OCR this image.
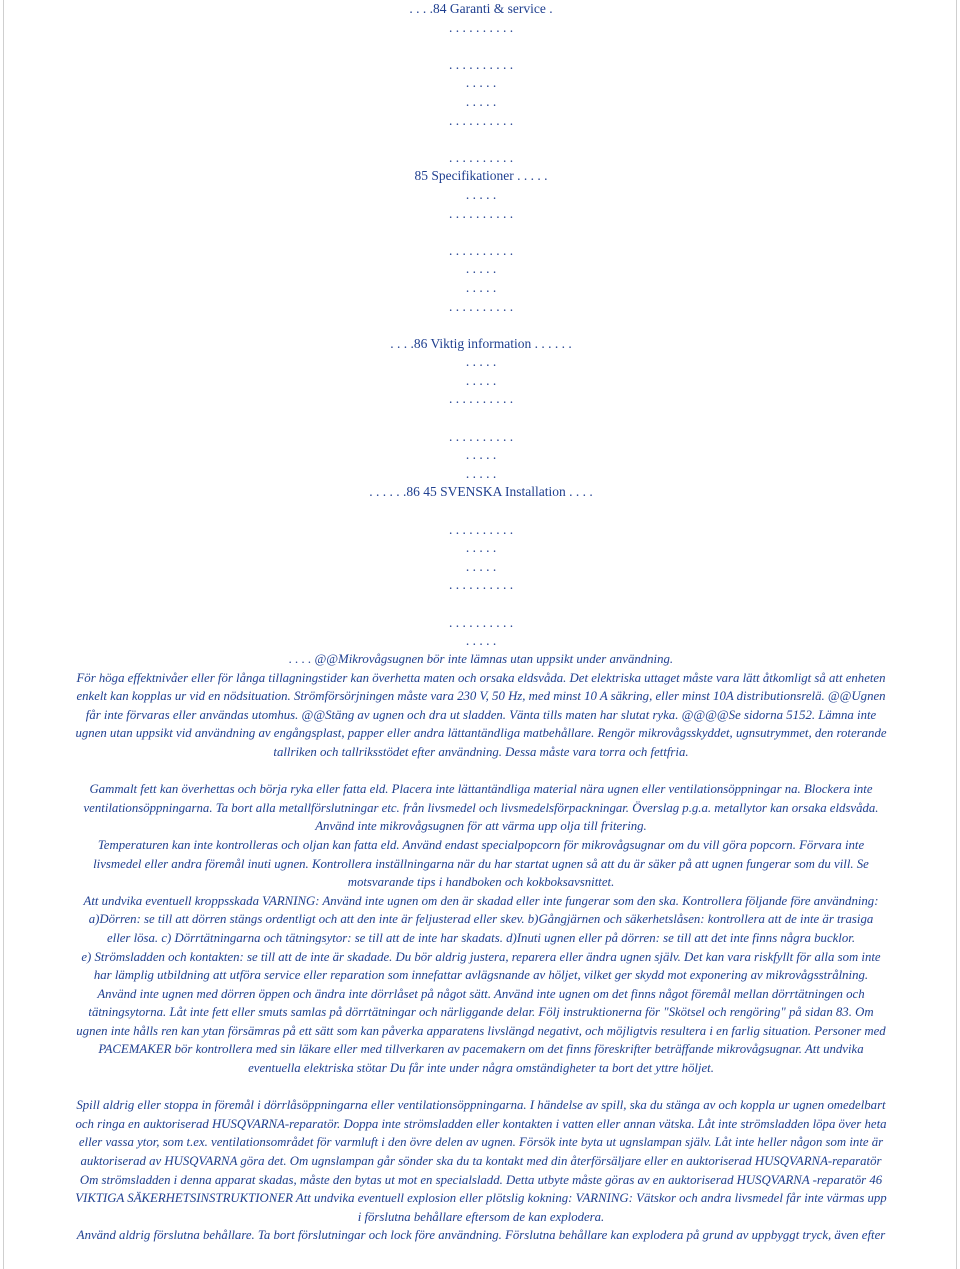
. . . .84 Garanti & service .
. . . . . . . . . .
. . . . . . . . . .
. . . . .
. . . . .
. . . . . . . . . .
. . . . . . . . . .
85 Specifikationer . . . . .
. . . . .
. . . . . . . . . .
. . . . . . . . . .
. . . . .
. . . . .
. . . . . . . . . .
. . . .86 Viktig information . . . . . .
. . . . .
. . . . .
. . . . . . . . . .
. . . . . . . . . .
. . . . .
. . . . .
. . . . . .86 45 SVENSKA Installation . . . .
. . . . . . . . . .
. . . . .
. . . . .
. . . . . . . . . .
. . . . . . . . . .
. . . . .
. . . . @@Mikrovågsugnen bör inte lämnas utan uppsikt under användning.
För höga effektnivåer eller för långa tillagningstider kan överhetta maten och orsaka eldsvåda. Det elektriska uttaget måste vara lätt åtkomligt så att enheten
enkelt kan kopplas ur vid en nödsituation. Strömförsörjningen måste vara 230 V, 50 Hz, med minst 10 A säkring, eller minst 10A distributionsrelä. @@Ugnen
får inte förvaras eller användas utomhus. @@Stäng av ugnen och dra ut sladden. Vänta tills maten har slutat ryka. @@@@Se sidorna 5152. Lämna inte
ugnen utan uppsikt vid användning av engångsplast, papper eller andra lättantändliga matbehållare. Rengör mikrovågsskyddet, ugnsutrymmet, den roterande
tallriken och tallriksstödet efter användning. Dessa måste vara torra och fettfria.
Gammalt fett kan överhettas och börja ryka eller fatta eld. Placera inte lättantändliga material nära ugnen eller ventilationsöppningar na. Blockera inte
ventilationsöppningarna. Ta bort alla metallförslutningar etc. från livsmedel och livsmedelsförpackningar. Överslag p.g.a. metallytor kan orsaka eldsvåda.
Använd inte mikrovågsugnen för att värma upp olja till fritering.
Temperaturen kan inte kontrolleras och oljan kan fatta eld. Använd endast specialpopcorn för mikrovågsugnar om du vill göra popcorn. Förvara inte
livsmedel eller andra föremål inuti ugnen. Kontrollera inställningarna när du har startat ugnen så att du är säker på att ugnen fungerar som du vill. Se
motsvarande tips i handboken och kokboksavsnittet.
Att undvika eventuell kroppsskada VARNING: Använd inte ugnen om den är skadad eller inte fungerar som den ska. Kontrollera följande före användning:
a)Dörren: se till att dörren stängs ordentligt och att den inte är feljusterad eller skev. b)Gångjärnen och säkerhetslåsen: kontrollera att de inte är trasiga
eller lösa. c) Dörrtätningarna och tätningsytor: se till att de inte har skadats. d)Inuti ugnen eller på dörren: se till att det inte finns några bucklor.
e) Strömsladden och kontakten: se till att de inte är skadade. Du bör aldrig justera, reparera eller ändra ugnen själv. Det kan vara riskfyllt för alla som inte
har lämplig utbildning att utföra service eller reparation som innefattar avlägsnande av höljet, vilket ger skydd mot exponering av mikrovågsstrålning.
Använd inte ugnen med dörren öppen och ändra inte dörrlåset på något sätt. Använd inte ugnen om det finns något föremål mellan dörrtätningen och
tätningsytorna. Låt inte fett eller smuts samlas på dörrtätningar och närliggande delar. Följ instruktionerna för "Skötsel och rengöring" på sidan 83. Om
ugnen inte hålls ren kan ytan försämras på ett sätt som kan påverka apparatens livslängd negativt, och möjligtvis resultera i en farlig situation. Personer med
PACEMAKER bör kontrollera med sin läkare eller med tillverkaren av pacemakern om det finns föreskrifter beträffande mikrovågsugnar. Att undvika
eventuella elektriska stötar Du får inte under några omständigheter ta bort det yttre höljet.
Spill aldrig eller stoppa in föremål i dörrlåsöppningarna eller ventilationsöppningarna. I händelse av spill, ska du stänga av och koppla ur ugnen omedelbart
och ringa en auktoriserad HUSQVARNA-reparatör. Doppa inte strömsladden eller kontakten i vatten eller annan vätska. Låt inte strömsladden löpa över heta
eller vassa ytor, som t.ex. ventilationsområdet för varmluft i den övre delen av ugnen. Försök inte byta ut ugnslampan själv. Låt inte heller någon som inte är
auktoriserad av HUSQVARNA göra det. Om ugnslampan går sönder ska du ta kontakt med din återförsäljare eller en auktoriserad HUSQVARNA-reparatör
Om strömsladden i denna apparat skadas, måste den bytas ut mot en specialsladd. Detta utbyte måste göras av en auktoriserad HUSQVARNA -reparatör 46
VIKTIGA SÄKERHETSINSTRUKTIONER Att undvika eventuell explosion eller plötslig kokning: VARNING: Vätskor och andra livsmedel får inte värmas upp
i förslutna behållare eftersom de kan explodera.
Använd aldrig förslutna behållare. Ta bort förslutningar och lock före användning. Förslutna behållare kan explodera på grund av uppbyggt tryck, även efter
